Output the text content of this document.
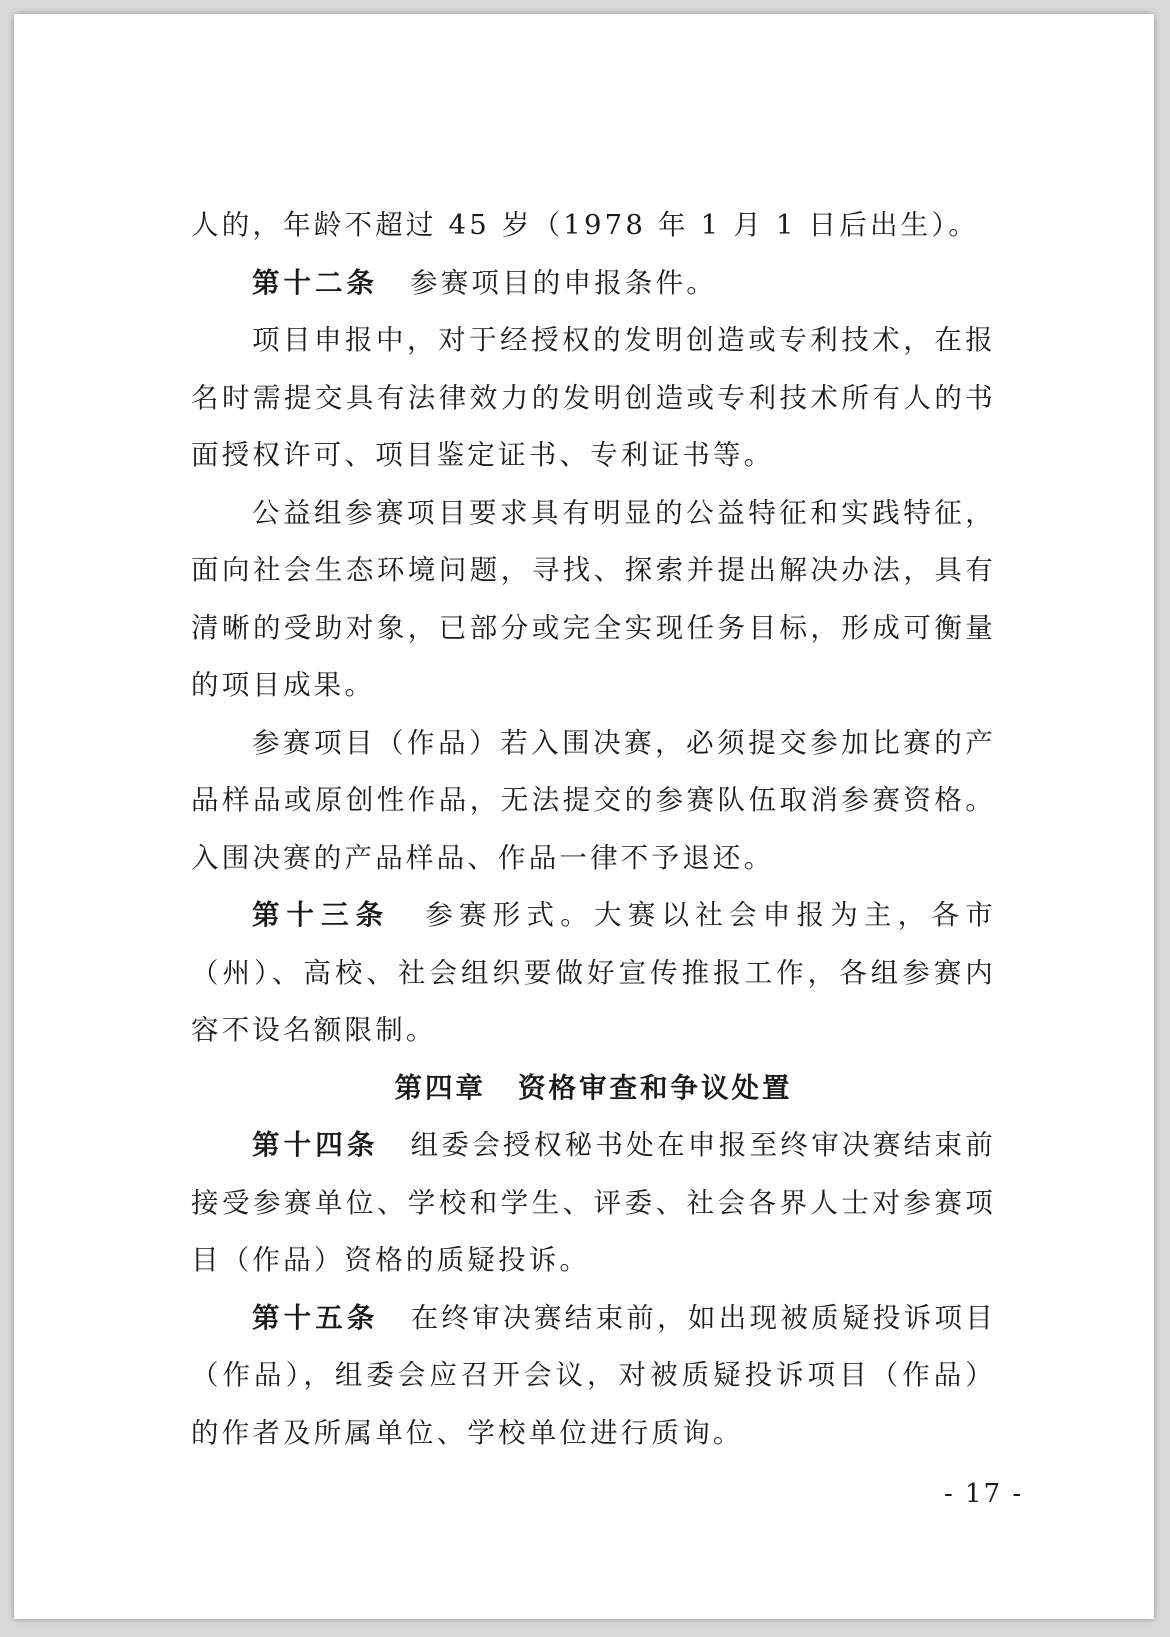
人的，年龄不超过 45 岁（1978 年 1 月 1 日后出生）。

第十二条 参赛项目的申报条件。

项目申报中，对于经授权的发明创造或专利技术，在报名时需提交具有法律效力的发明创造或专利技术所有人的书面授权许可、项目鉴定证书、专利证书等。

公益组参赛项目要求具有明显的公益特征和实践特征，面向社会生态环境问题，寻找、探索并提出解决办法，具有清晰的受助对象，已部分或完全实现任务目标，形成可衡量的项目成果。

参赛项目（作品）若入围决赛，必须提交参加比赛的产品样品或原创性作品，无法提交的参赛队伍取消参赛资格。入围决赛的产品样品、作品一律不予退还。

第十三条 参赛形式。大赛以社会申报为主，各市（州）、高校、社会组织要做好宣传推报工作，各组参赛内容不设名额限制。

第四章 资格审查和争议处置

第十四条 组委会授权秘书处在申报至终审决赛结束前接受参赛单位、学校和学生、评委、社会各界人士对参赛项目（作品）资格的质疑投诉。

第十五条 在终审决赛结束前，如出现被质疑投诉项目（作品），组委会应召开会议，对被质疑投诉项目（作品）的作者及所属单位、学校单位进行质询。

- 17 -
